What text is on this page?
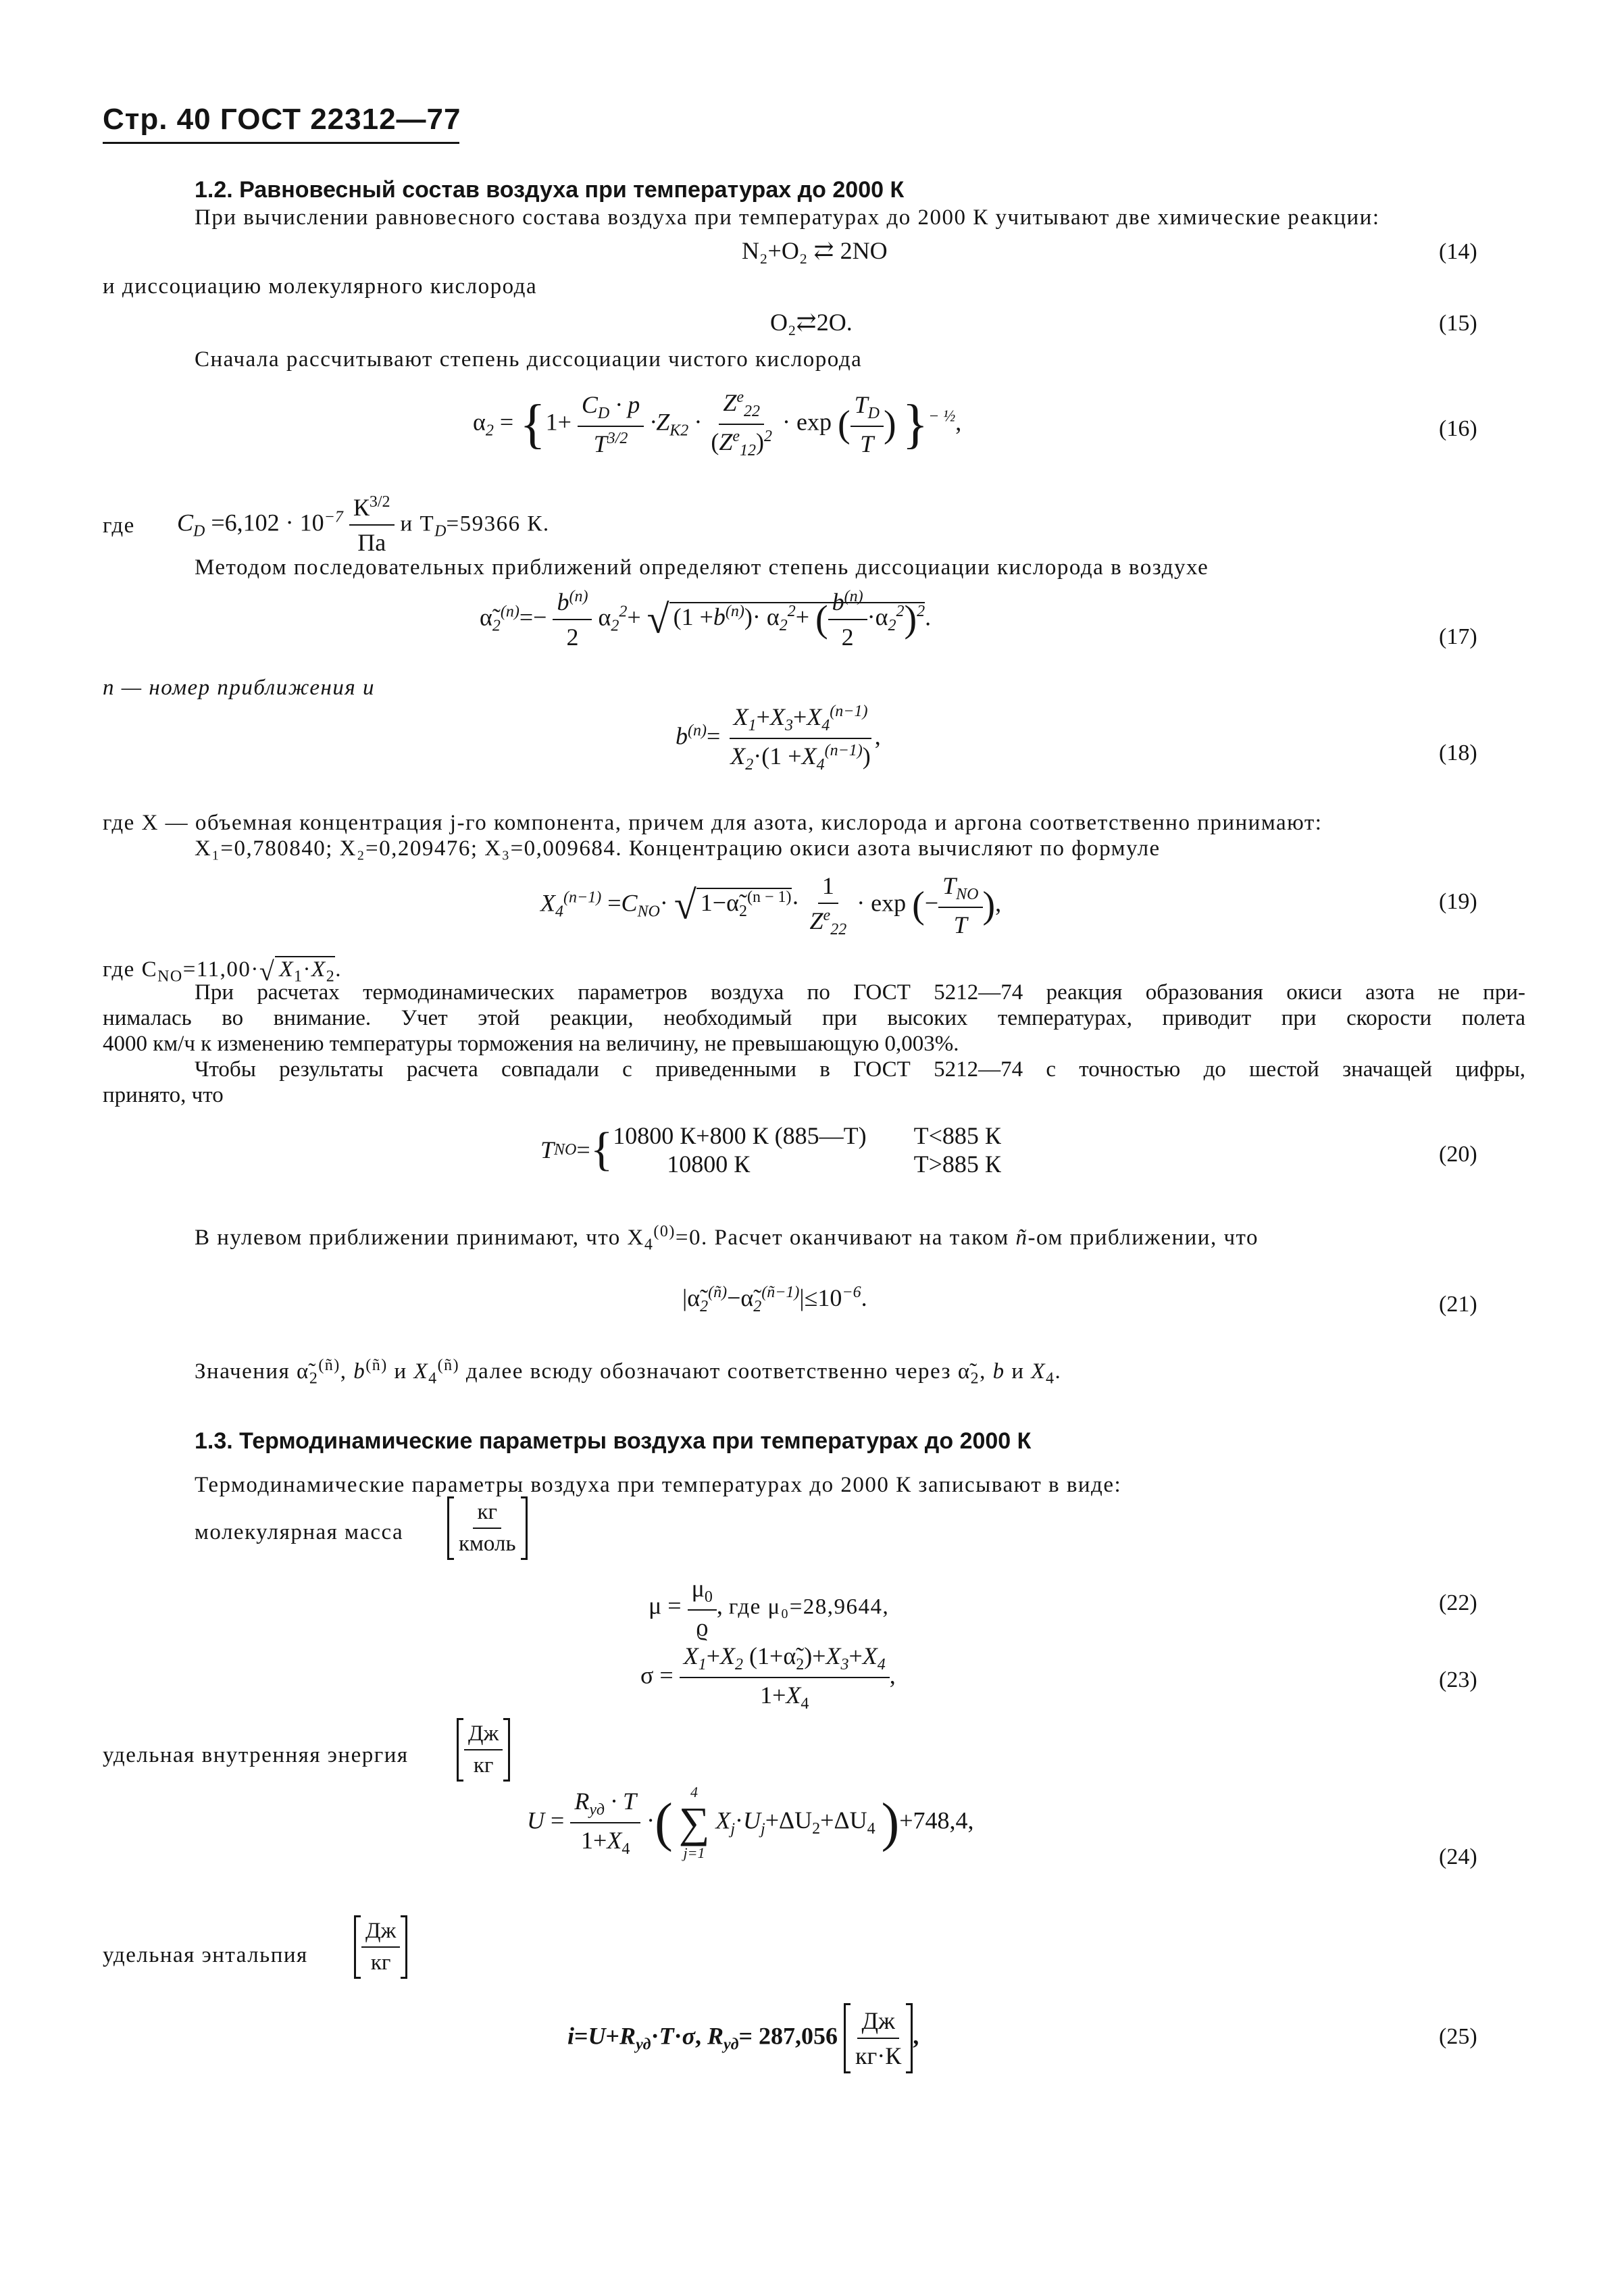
Стр. 40 ГОСТ 22312—77
1.2. Равновесный состав воздуха при температурах до 2000 К
При вычислении равновесного состава воздуха при температурах до 2000 К учитывают две химические реакции:
N₂+O₂ ⇄ 2NO	(14)
и диссоциацию молекулярного кислорода
O₂⇄2O.	(15)
Сначала рассчитывают степень диссоциации чистого кислорода
$\alpha_2 = \{1+ \frac{C_D \cdot p}{T^{3/2}} \cdot Z_{K2} \cdot \frac{Z^e_{22}}{(Z^e_{12})^2} \cdot \exp$ ( $\frac{T_D}{T}$ ) }$^{- \frac{1}{2}}$,	(16)
где $C_D =6,102 \cdot 10^{-7} \frac{К^{3/2}}{Па}$ и $T_D=59366$ К.
Методом последовательных приближений определяют степень диссоциации кислорода в воздухе
$\alphã_2^{(n)}=- \frac{b^{(n)}}{2} \alpha_2^2+$ √ $(1 +b^{(n)})\cdot \alpha_2^2+$ ( $\frac{b^{(n)}}{2} \cdot\alpha_2^2)^2$.
(17)
n — номер приближения и
$b^{(n)}= \frac{X_1+X_3+X_4^{(n-1)}}{X_2\cdot(1 +X_4^{(n-1)})}$ ,
(18)
где X — объемная концентрация j-го компонента, причем для азота, кислорода и аргона соответственно принимают:
X₁=0,780840; X₂=0,209476; X₃=0,009684. Концентрацию окиси азота вычисляют по формуле
$X_4^{(n-1)} =C_{NO}\cdot$ √ $1-\alphã_2^{(n - 1)}\cdot \frac{1}{Z^e_{22}} \cdot \exp$ (− $\frac{T_{NO}}{T}$ ),	(19)
где $C_{NO}=11,00\cdot√$ $X_1\cdot X_2$.
При расчетах термодинамических параметров воздуха по ГОСТ 5212—74 реакция образования окиси азота не при-
нималась во внимание. Учет этой реакции, необходимый при высоких температурах, приводит при скорости полета
4000 км/ч к изменению температуры торможения на величину, не превышающую 0,003%.
Чтобы результаты расчета совпадали с приведенными в ГОСТ 5212—74 с точностью до шестой значащей цифры,
принято, что
T NO = { 10800 К+800 К (885—T) T<885 К
10800 К	T>885 К	(20)
В нулевом приближении принимают, что $X_4^{(0)}=0$. Расчет оканчивают на таком ñ-ом приближении, что
$|\alphã_2^{(ñ)}-\alphã_2^{(ñ-1)}|\le 10^{-6}$.	(21)
Значения $\alphã_2^{(ñ)}$, $b^{(ñ)}$ и $X_4^{(ñ)}$ далее всюду обозначают соответственно через $\alphã_2$, b и $X_4$.
1.3. Термодинамические параметры воздуха при температурах до 2000 К
Термодинамические параметры воздуха при температурах до 2000 К записывают в виде:
молекулярная масса $\frac{кг}{\text{кмоль}}$
$\mu = \frac{\mu_0}{ϱ}$ , где μ₀=28,9644,	(22)
$\sigma = \frac{X_1+X_2 (1+\alphã_2)+X_3+X_4}{1+X_4}$ ,	(23)
удельная внутренняя энергия $\frac{Дж}{кг}$
$U = \frac{R_{уд} \cdot T}{1+X_4}$ ·(
4
∑
j=1
$X_j\cdot U_j+\Delta U_2+\Delta U_4$ )+748,4,
(24)
удельная энтальпия $\frac{Дж}{кг}$
$i=U+R_{уд}\cdot T\cdot\sigma$, $R_{уд}= 287,056 \frac{Дж}{кг\cdot К}$ ,	(25)
